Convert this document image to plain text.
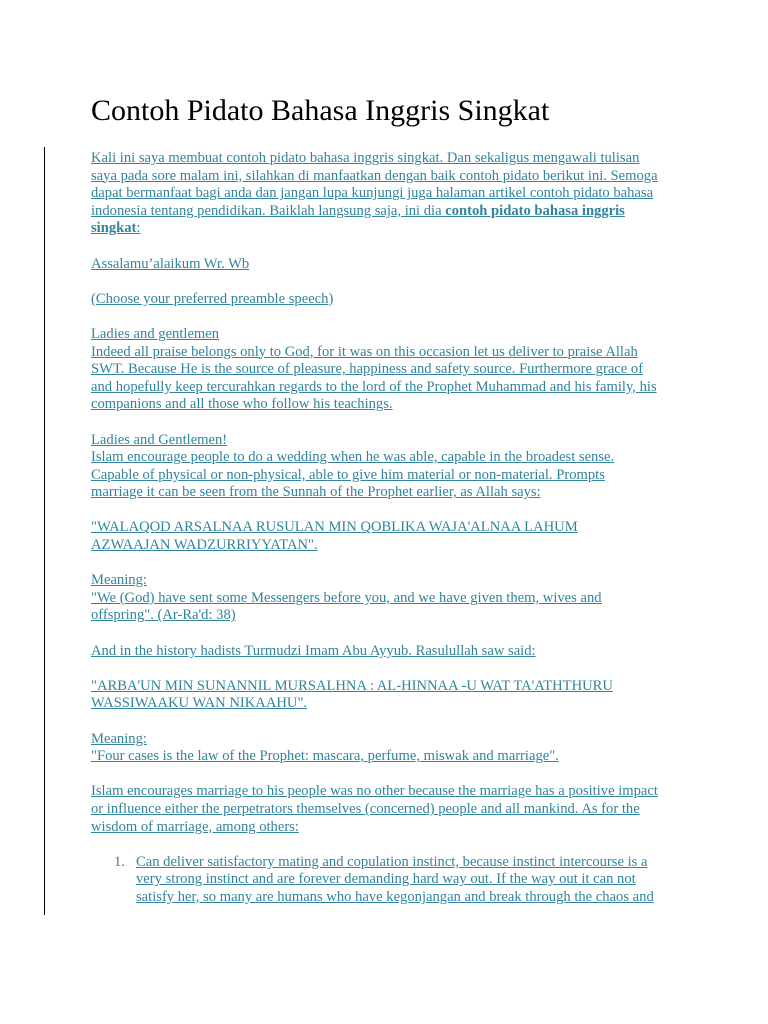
Contoh Pidato Bahasa Inggris Singkat
Kali ini saya membuat contoh pidato bahasa inggris singkat. Dan sekaligus mengawali tulisan
saya pada sore malam ini, silahkan di manfaatkan dengan baik contoh pidato berikut ini. Semoga
dapat bermanfaat bagi anda dan jangan lupa kunjungi juga halaman artikel contoh pidato bahasa
indonesia tentang pendidikan. Baiklah langsung saja, ini dia contoh pidato bahasa inggris
singkat:
Assalamu’alaikum Wr. Wb
(Choose your preferred preamble speech)
Ladies and gentlemen
Indeed all praise belongs only to God, for it was on this occasion let us deliver to praise Allah
SWT. Because He is the source of pleasure, happiness and safety source. Furthermore grace of
and hopefully keep tercurahkan regards to the lord of the Prophet Muhammad and his family, his
companions and all those who follow his teachings.
Ladies and Gentlemen!
Islam encourage people to do a wedding when he was able, capable in the broadest sense.
Capable of physical or non-physical, able to give him material or non-material. Prompts
marriage it can be seen from the Sunnah of the Prophet earlier, as Allah says:
"WALAQOD ARSALNAA RUSULAN MIN QOBLIKA WAJA'ALNAA LAHUM
AZWAAJAN WADZURRIYYATAN".
Meaning:
"We (God) have sent some Messengers before you, and we have given them, wives and
offspring". (Ar-Ra'd: 38)
And in the history hadists Turmudzi Imam Abu Ayyub. Rasulullah saw said:
"ARBA'UN MIN SUNANNIL MURSALHNA : AL-HINNAA -U WAT TA'ATHTHURU
WASSIWAAKU WAN NIKAAHU".
Meaning:
"Four cases is the law of the Prophet: mascara, perfume, miswak and marriage".
Islam encourages marriage to his people was no other because the marriage has a positive impact
or influence either the perpetrators themselves (concerned) people and all mankind. As for the
wisdom of marriage, among others:
1. Can deliver satisfactory mating and copulation instinct, because instinct intercourse is a
very strong instinct and are forever demanding hard way out. If the way out it can not
satisfy her, so many are humans who have kegonjangan and break through the chaos and
